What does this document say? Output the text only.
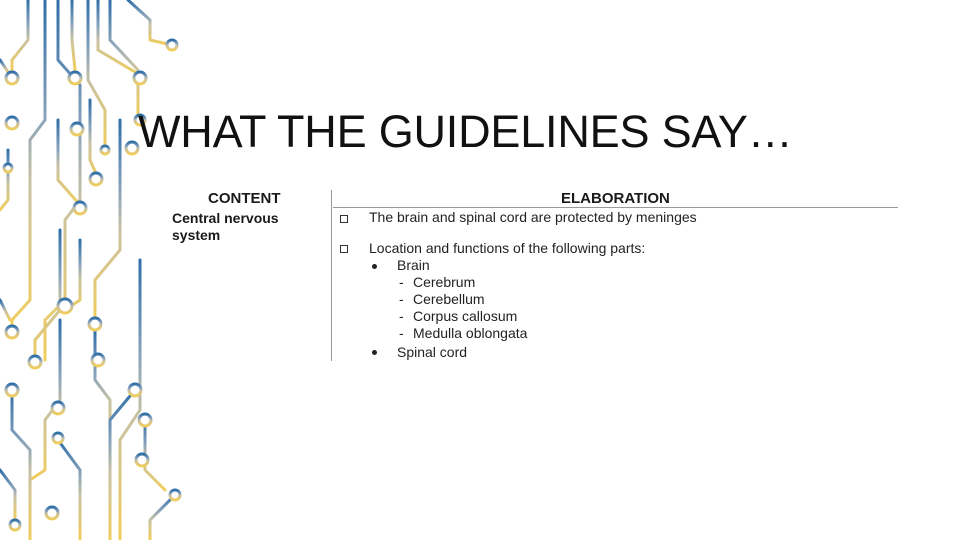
WHAT THE GUIDELINES SAY…
CONTENT	ELABORATION
Central nervous system
The brain and spinal cord are protected by meninges
Location and functions of the following parts:
Brain
- Cerebrum
- Cerebellum
- Corpus callosum
- Medulla oblongata
Spinal cord
